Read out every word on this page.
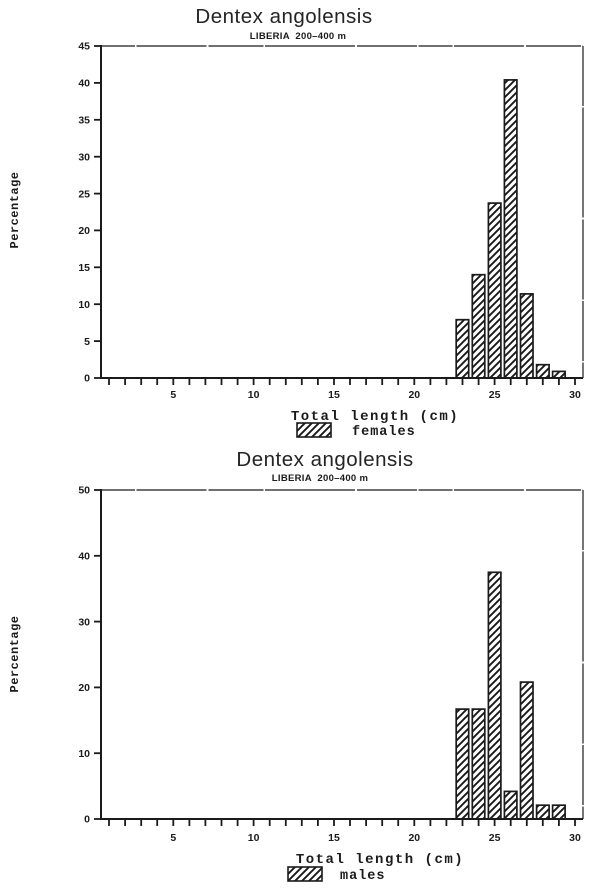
5	10	15	20	25	30
0
5
10
15
20
25
30
35
40
45
5	10	15	20	25	30
0
10
20
30
40
50
Dentex angolensis
LIBERIA  200–400 m
Percentage
Total length (cm)
females
Dentex angolensis
LIBERIA  200–400 m
Percentage
Total length (cm)
males
